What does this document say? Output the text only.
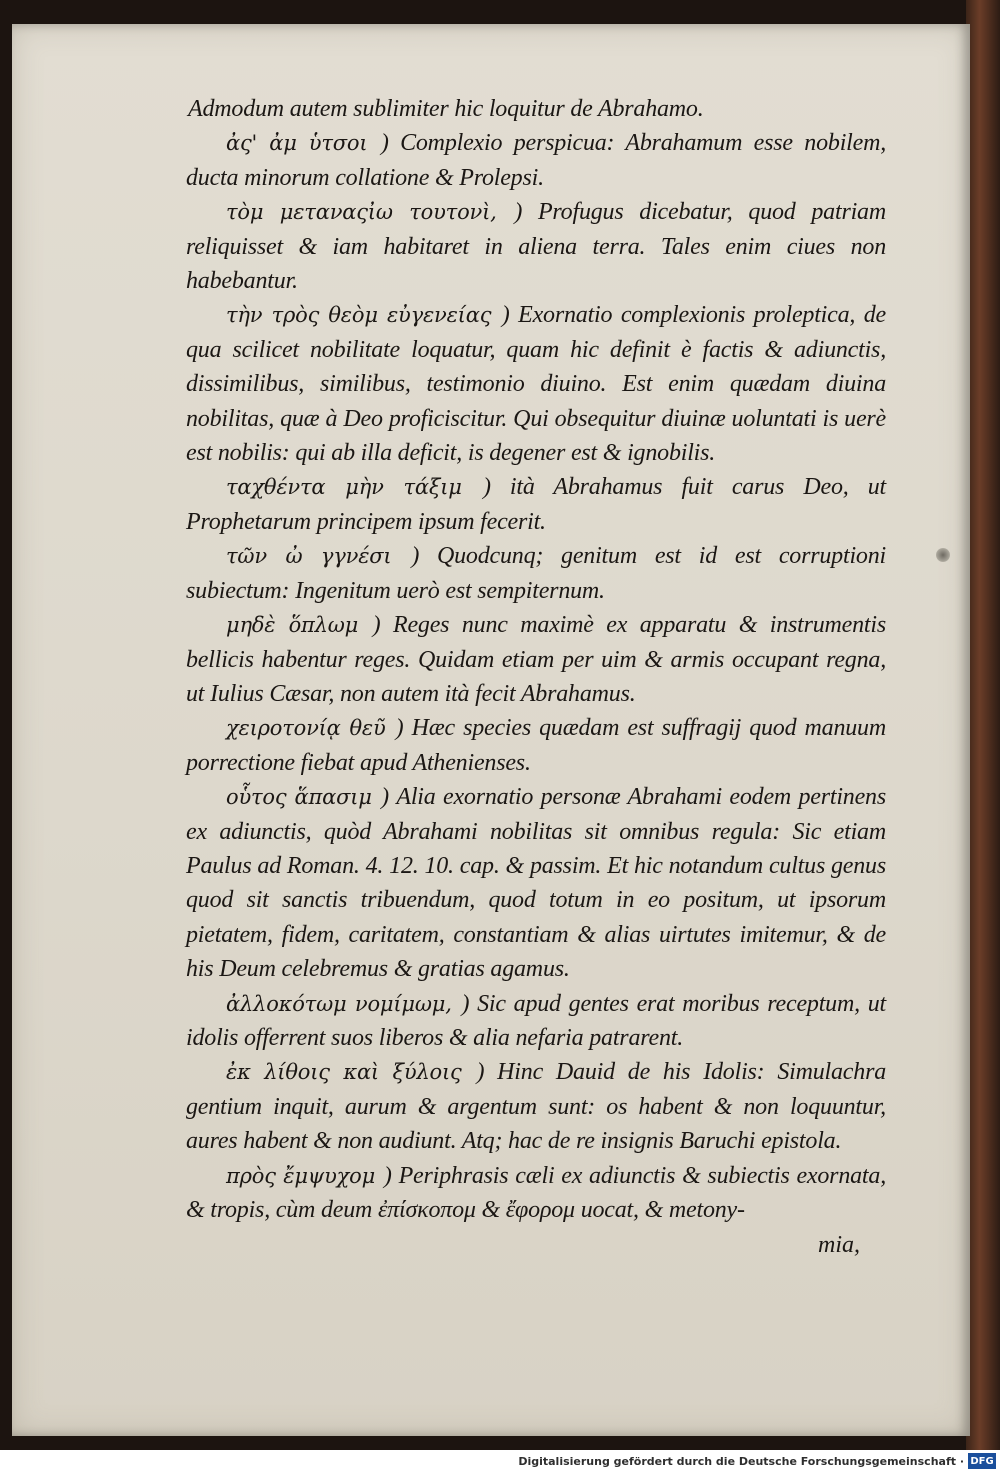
Admodum autem sublimiter hic loquitur de Abrahamo.

ἀς' ἀμ ὑτσοι ) Complexio perspicua: Abrahamum esse nobilem, ducta minorum collatione & Prolepsi.

τὸμ μεταναςἰω τουτονὶ, ) Profugus dicebatur, quod patriam reliquisset & iam habitaret in aliena terra. Tales enim ciues non habebantur.

τὴν τρὸς θεὸμ εὐγενείας ) Exornatio complexionis proleptica, de qua scilicet nobilitate loquatur, quam hic definit è factis & adiunctis, dissimilibus, similibus, testimonio diuino. Est enim quædam diuina nobilitas, quæ à Deo proficiscitur. Qui obsequitur diuinæ uoluntati is uerè est nobilis: qui ab illa deficit, is degener est & ignobilis.

ταχθέντα μὴν τάξιμ ) ità Abrahamus fuit carus Deo, ut Prophetarum principem ipsum fecerit.

τῶν ὠ γγνέσι ) Quodcunq; genitum est id est corruptioni subiectum: Ingenitum uerò est sempiternum.

μηδὲ ὅπλωμ ) Reges nunc maximè ex apparatu & instrumentis bellicis habentur reges. Quidam etiam per uim & armis occupant regna, ut Iulius Cæsar, non autem ità fecit Abrahamus.

χειροτονίᾳ θεῦ ) Hæc species quædam est suffragij quod manuum porrectione fiebat apud Athenienses.

οὗτος ἅπασιμ ) Alia exornatio personæ Abrahami eodem pertinens ex adiunctis, quòd Abrahami nobilitas sit omnibus regula: Sic etiam Paulus ad Roman. 4. 12. 10. cap. & passim. Et hic notandum cultus genus quod sit sanctis tribuendum, quod totum in eo positum, ut ipsorum pietatem, fidem, caritatem, constantiam & alias uirtutes imitemur, & de his Deum celebremus & gratias agamus.

ἀλλοκότωμ νομίμωμ, ) Sic apud gentes erat moribus receptum, ut idolis offerrent suos liberos & alia nefaria patrarent.

ἐκ λίθοις καὶ ξύλοις ) Hinc Dauid de his Idolis: Simulachra gentium inquit, aurum & argentum sunt: os habent & non loquuntur, aures habent & non audiunt. Atq; hac de re insignis Baruchi epistola.

πρὸς ἔμψυχομ ) Periphrasis cæli ex adiunctis & subiectis exornata, & tropis, cùm deum ἐπίσκοπομ & ἔφορομ uocat, & metony-

mia,
Digitalisierung gefördert durch die Deutsche Forschungsgemeinschaft · DFG
